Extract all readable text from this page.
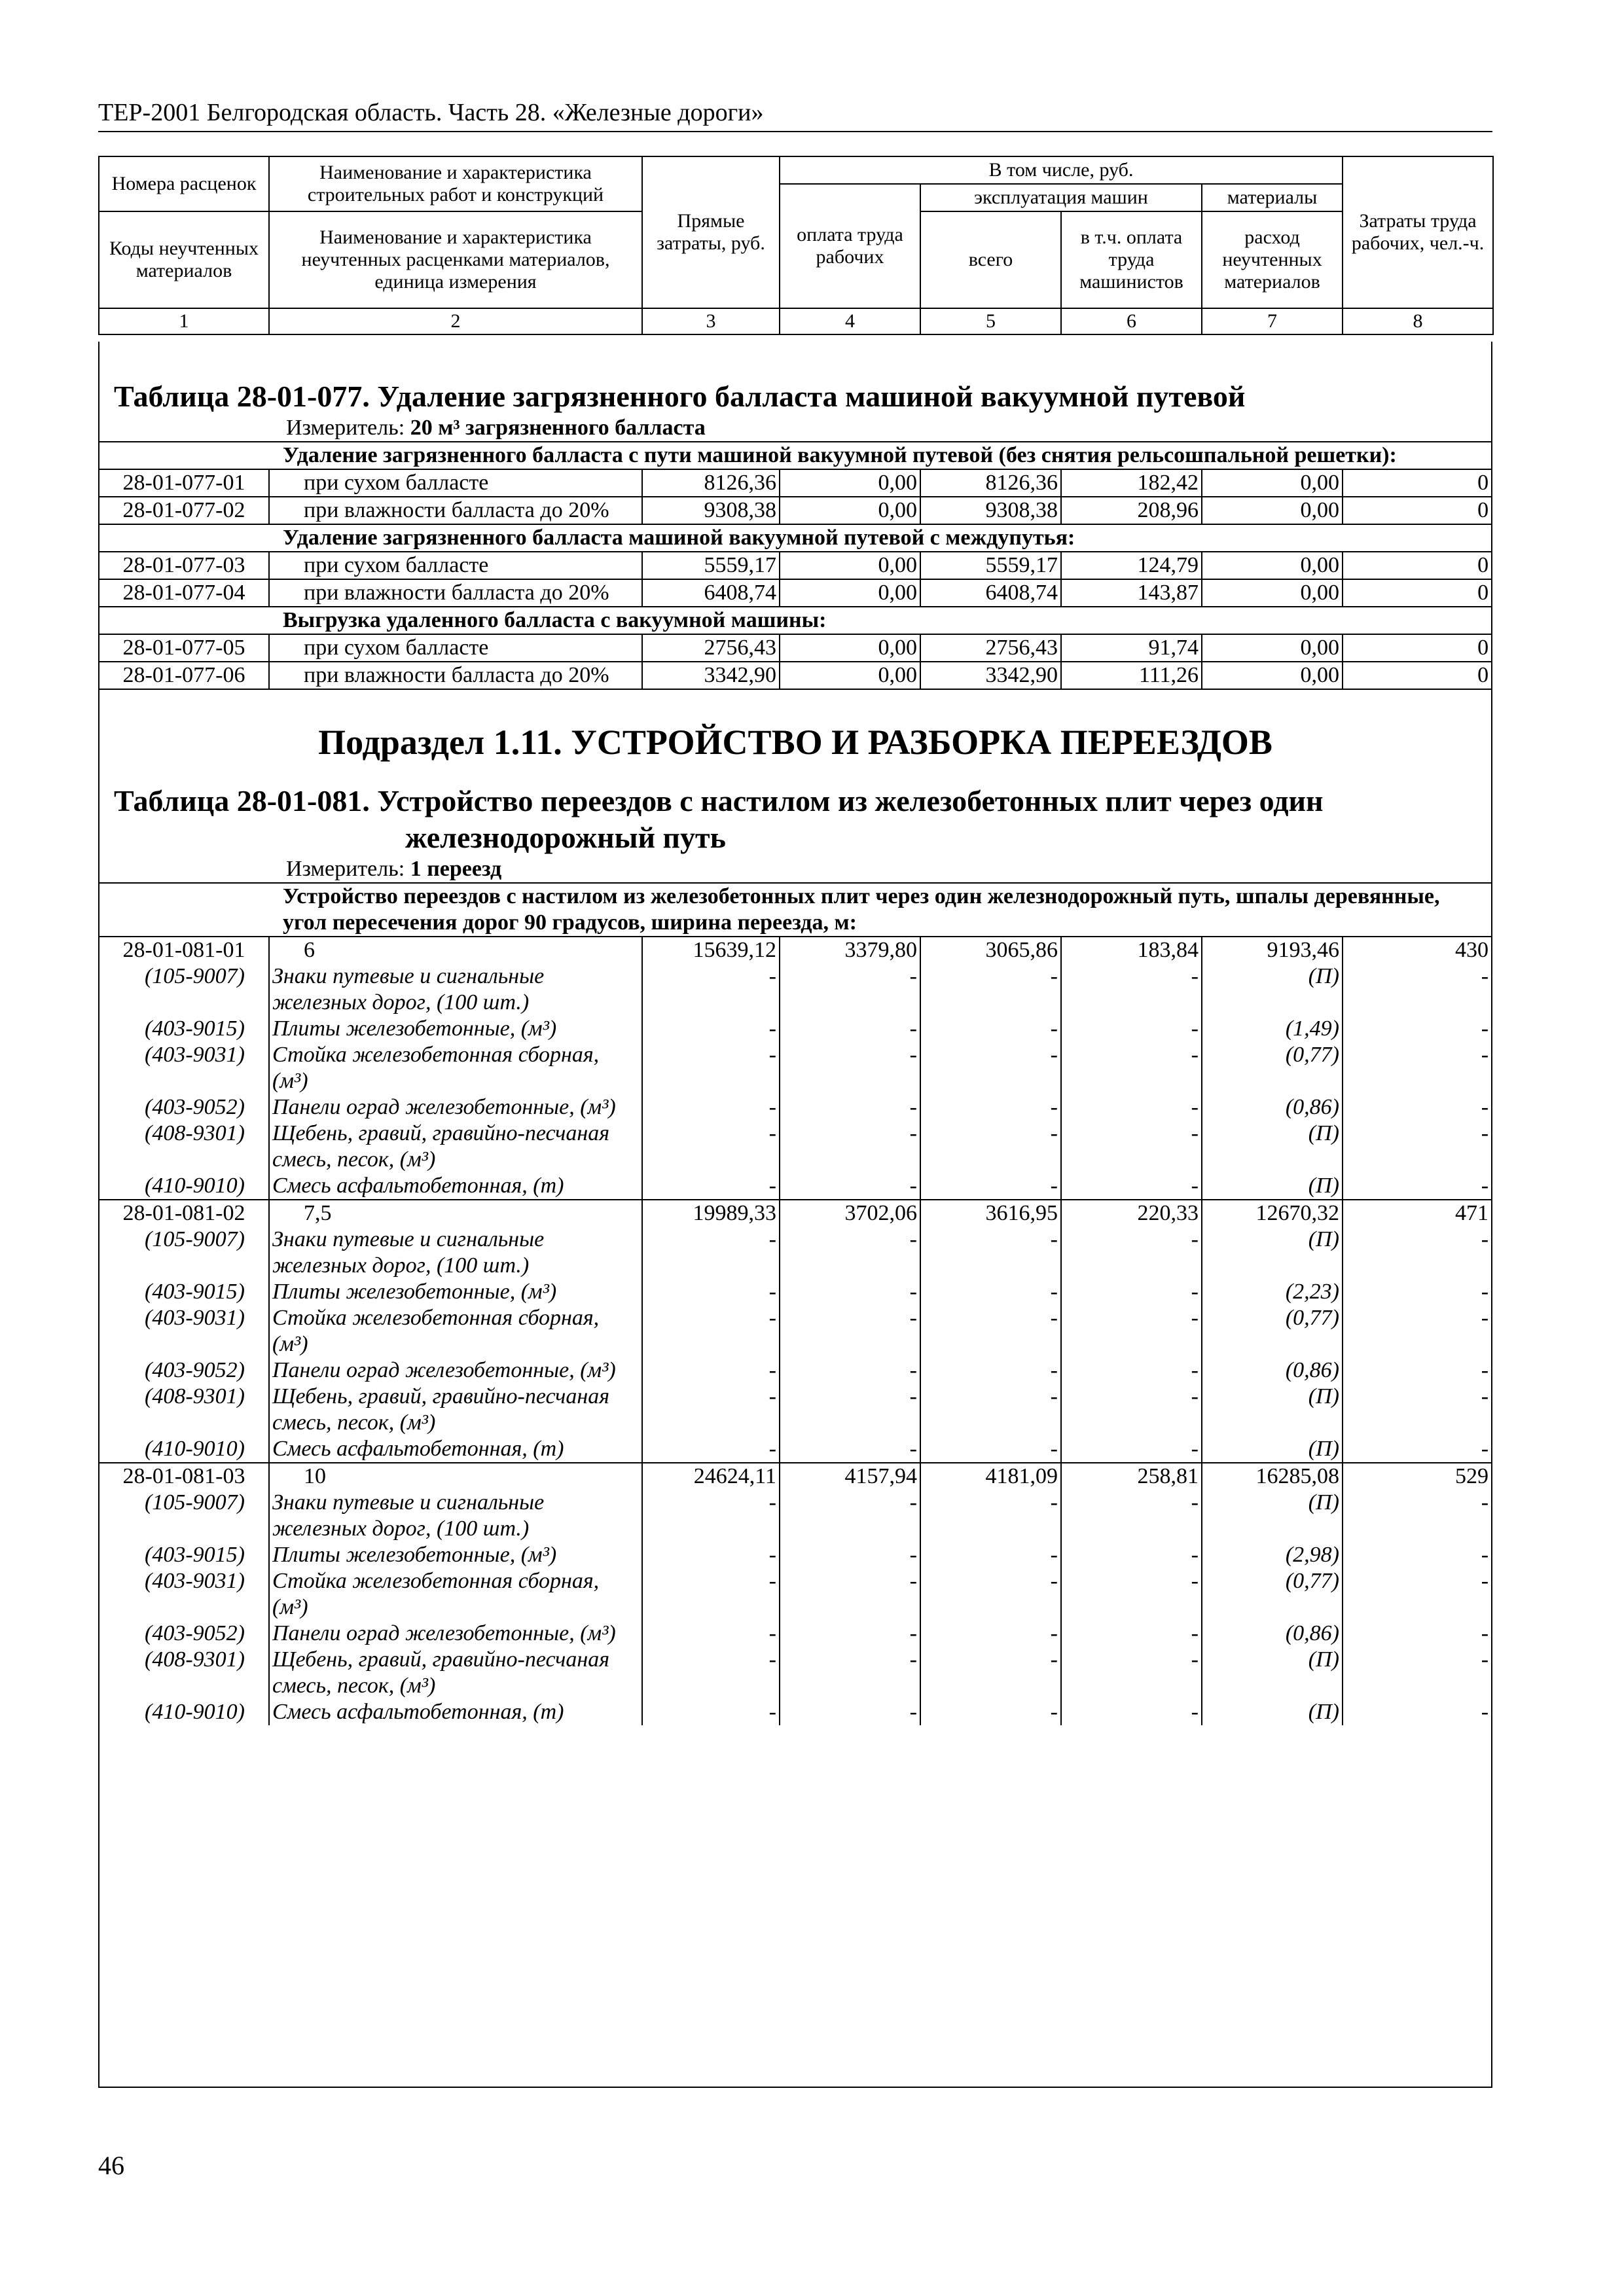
ТЕР-2001 Белгородская область. Часть 28. «Железные дороги»
Номера расценок	Наименование и характеристика строительных работ и конструкций	Прямые затраты, руб.	В том числе, руб.				Затраты труда рабочих, чел.-ч.
			оплата труда рабочих	эксплуатация машин		материалы	
Коды неучтенных материалов	Наименование и характеристика неучтенных расценками материалов, единица измерения			всего	в т.ч. оплата труда машинистов	расход неучтенных материалов	

1	2	3	4	5	6	7	8
Таблица 28-01-077. Удаление загрязненного балласта машиной вакуумной путевой
Измеритель: 20 м³ загрязненного балласта
Удаление загрязненного балласта с пути машиной вакуумной путевой (без снятия рельсошпальной решетки):							
28-01-077-01	при сухом балласте	8126,36	0,00	8126,36	182,42	0,00	0
28-01-077-02	при влажности балласта до 20%	9308,38	0,00	9308,38	208,96	0,00	0
Удаление загрязненного балласта машиной вакуумной путевой с междупутья:							
28-01-077-03	при сухом балласте	5559,17	0,00	5559,17	124,79	0,00	0
28-01-077-04	при влажности балласта до 20%	6408,74	0,00	6408,74	143,87	0,00	0
Выгрузка удаленного балласта с вакуумной машины:							
28-01-077-05	при сухом балласте	2756,43	0,00	2756,43	91,74	0,00	0
28-01-077-06	при влажности балласта до 20%	3342,90	0,00	3342,90	111,26	0,00	0

Подраздел 1.11. УСТРОЙСТВО И РАЗБОРКА ПЕРЕЕЗДОВ
Таблица 28-01-081. Устройство переездов с настилом из железобетонных плит через один
железнодорожный путь
Измеритель: 1 переезд
Устройство переездов с настилом из железобетонных плит через один железнодорожный путь, шпалы деревянные, угол пересечения дорог 90 градусов, ширина переезда, м:							
28-01-081-01	6	15639,12	3379,80	3065,86	183,84	9193,46	430
(105-9007)	Знаки путевые и сигнальные железных дорог, (100 шт.)	-	-	-	-	(П)	-
(403-9015)	Плиты железобетонные, (м³)	-	-	-	-	(1,49)	-
(403-9031)	Стойка железобетонная сборная, (м³)	-	-	-	-	(0,77)	-
(403-9052)	Панели оград железобетонные, (м³)	-	-	-	-	(0,86)	-
(408-9301)	Щебень, гравий, гравийно-песчаная смесь, песок, (м³)	-	-	-	-	(П)	-
(410-9010)	Смесь асфальтобетонная, (т)	-	-	-	-	(П)	-
28-01-081-02	7,5	19989,33	3702,06	3616,95	220,33	12670,32	471
(105-9007)	Знаки путевые и сигнальные железных дорог, (100 шт.)	-	-	-	-	(П)	-
(403-9015)	Плиты железобетонные, (м³)	-	-	-	-	(2,23)	-
(403-9031)	Стойка железобетонная сборная, (м³)	-	-	-	-	(0,77)	-
(403-9052)	Панели оград железобетонные, (м³)	-	-	-	-	(0,86)	-
(408-9301)	Щебень, гравий, гравийно-песчаная смесь, песок, (м³)	-	-	-	-	(П)	-
(410-9010)	Смесь асфальтобетонная, (т)	-	-	-	-	(П)	-
28-01-081-03	10	24624,11	4157,94	4181,09	258,81	16285,08	529
(105-9007)	Знаки путевые и сигнальные железных дорог, (100 шт.)	-	-	-	-	(П)	-
(403-9015)	Плиты железобетонные, (м³)	-	-	-	-	(2,98)	-
(403-9031)	Стойка железобетонная сборная, (м³)	-	-	-	-	(0,77)	-
(403-9052)	Панели оград железобетонные, (м³)	-	-	-	-	(0,86)	-
(408-9301)	Щебень, гравий, гравийно-песчаная смесь, песок, (м³)	-	-	-	-	(П)	-
(410-9010)	Смесь асфальтобетонная, (т)	-	-	-	-	(П)	-
46
